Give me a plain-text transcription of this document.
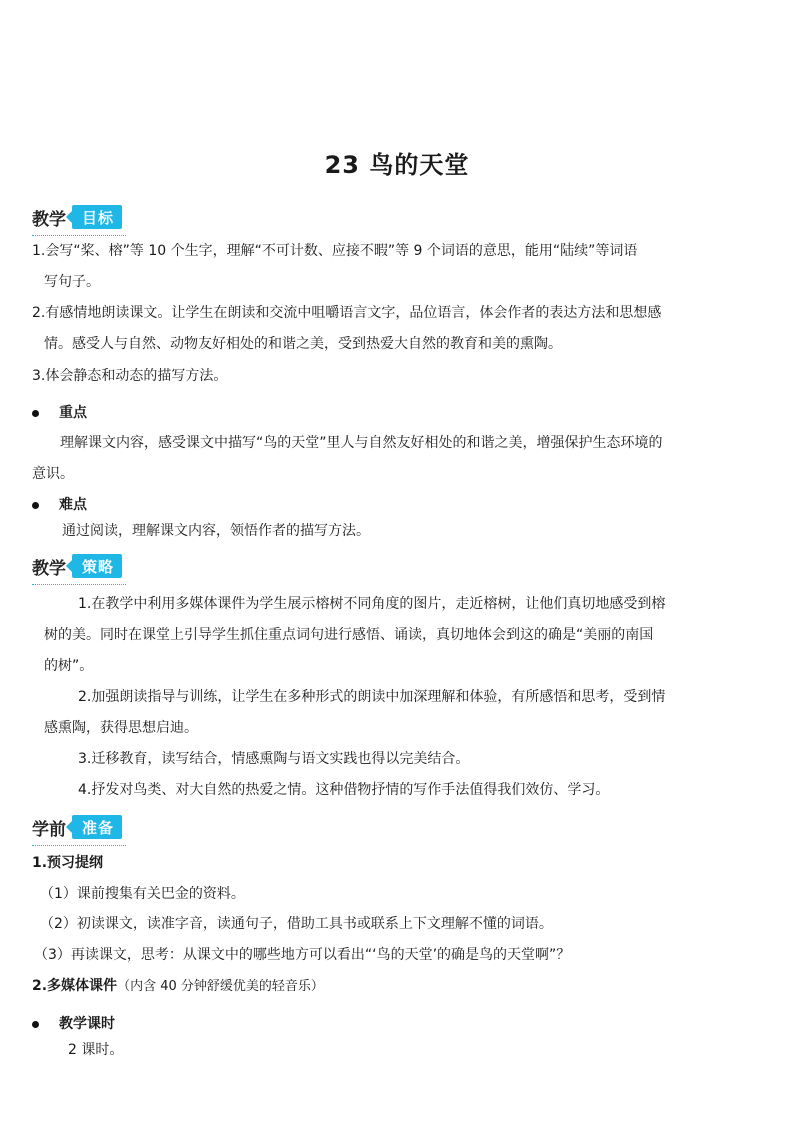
23 鸟的天堂
教学	目标
1.会写“桨、榕”等 10 个生字，理解“不可计数、应接不暇”等 9 个词语的意思，能用“陆续”等词语
写句子。
2.有感情地朗读课文。让学生在朗读和交流中咀嚼语言文字，品位语言，体会作者的表达方法和思想感
情。感受人与自然、动物友好相处的和谐之美，受到热爱大自然的教育和美的熏陶。
3.体会静态和动态的描写方法。
重点
理解课文内容，感受课文中描写“鸟的天堂”里人与自然友好相处的和谐之美，增强保护生态环境的
意识。
难点
通过阅读，理解课文内容，领悟作者的描写方法。
教学	策略
1.在教学中利用多媒体课件为学生展示榕树不同角度的图片，走近榕树，让他们真切地感受到榕
树的美。同时在课堂上引导学生抓住重点词句进行感悟、诵读，真切地体会到这的确是“美丽的南国
的树”。
2.加强朗读指导与训练，让学生在多种形式的朗读中加深理解和体验，有所感悟和思考，受到情
感熏陶，获得思想启迪。
3.迁移教育，读写结合，情感熏陶与语文实践也得以完美结合。
4.抒发对鸟类、对大自然的热爱之情。这种借物抒情的写作手法值得我们效仿、学习。
学前	准备
1.预习提纲
（1）课前搜集有关巴金的资料。
（2）初读课文，读准字音，读通句子，借助工具书或联系上下文理解不懂的词语。
（3）再读课文，思考：从课文中的哪些地方可以看出“‘鸟的天堂’的确是鸟的天堂啊”？
2.多媒体课件（内含 40 分钟舒缓优美的轻音乐）
教学课时
2 课时。
